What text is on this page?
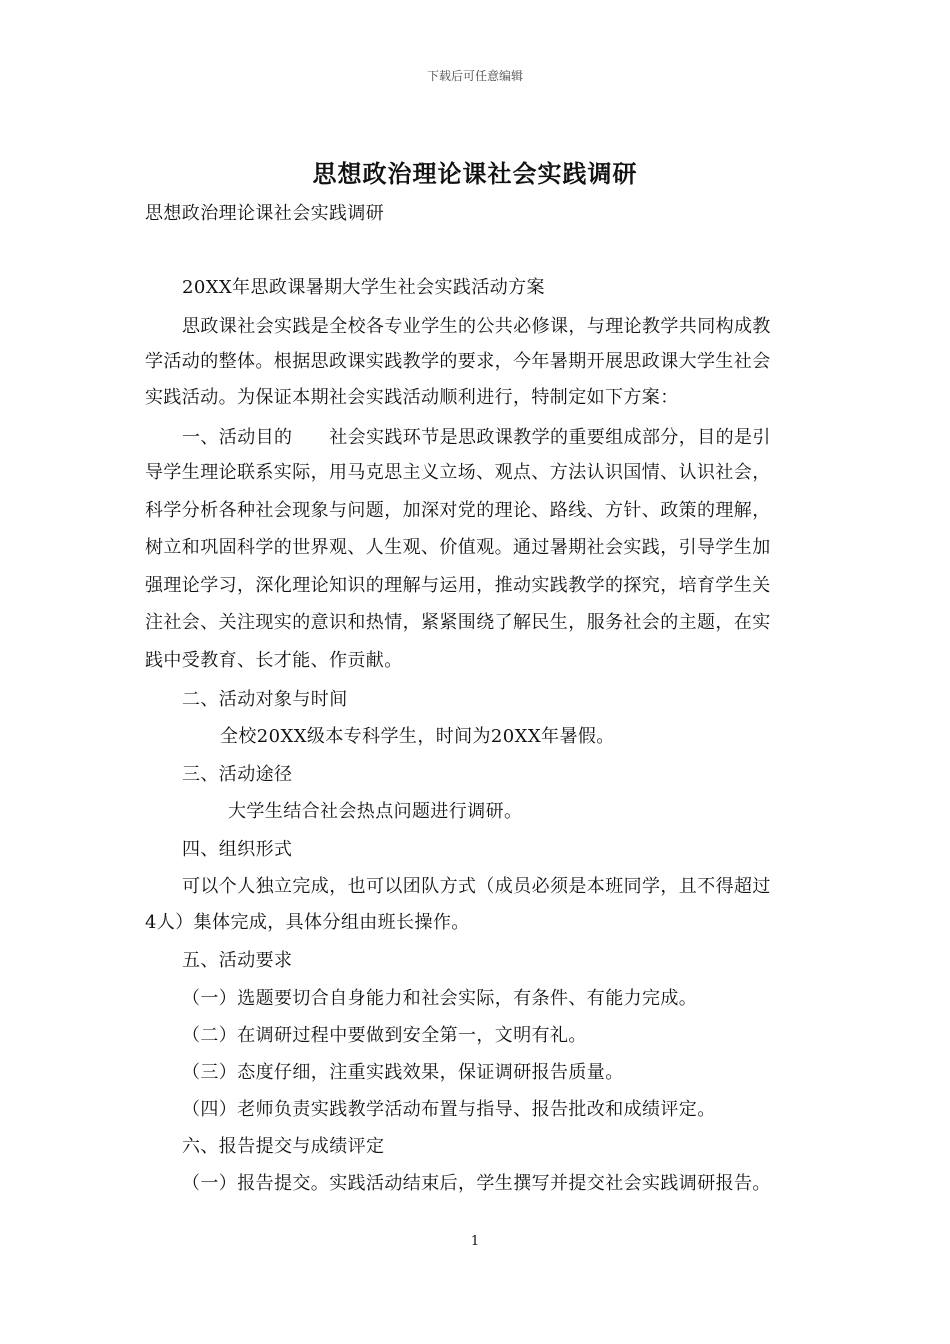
下载后可任意编辑
思想政治理论课社会实践调研
思想政治理论课社会实践调研
20XX年思政课暑期大学生社会实践活动方案
思政课社会实践是全校各专业学生的公共必修课，与理论教学共同构成教
学活动的整体。根据思政课实践教学的要求，今年暑期开展思政课大学生社会
实践活动。为保证本期社会实践活动顺利进行，特制定如下方案：
一、活动目的　　社会实践环节是思政课教学的重要组成部分，目的是引
导学生理论联系实际，用马克思主义立场、观点、方法认识国情、认识社会，
科学分析各种社会现象与问题，加深对党的理论、路线、方针、政策的理解，
树立和巩固科学的世界观、人生观、价值观。通过暑期社会实践，引导学生加
强理论学习，深化理论知识的理解与运用，推动实践教学的探究，培育学生关
注社会、关注现实的意识和热情，紧紧围绕了解民生，服务社会的主题，在实
践中受教育、长才能、作贡献。
二、活动对象与时间
全校20XX级本专科学生，时间为20XX年暑假。
三、活动途径
大学生结合社会热点问题进行调研。
四、组织形式
可以个人独立完成，也可以团队方式（成员必须是本班同学，且不得超过
4人）集体完成，具体分组由班长操作。
五、活动要求
（一）选题要切合自身能力和社会实际，有条件、有能力完成。
（二）在调研过程中要做到安全第一，文明有礼。
（三）态度仔细，注重实践效果，保证调研报告质量。
（四）老师负责实践教学活动布置与指导、报告批改和成绩评定。
六、报告提交与成绩评定
（一）报告提交。实践活动结束后，学生撰写并提交社会实践调研报告。
1
